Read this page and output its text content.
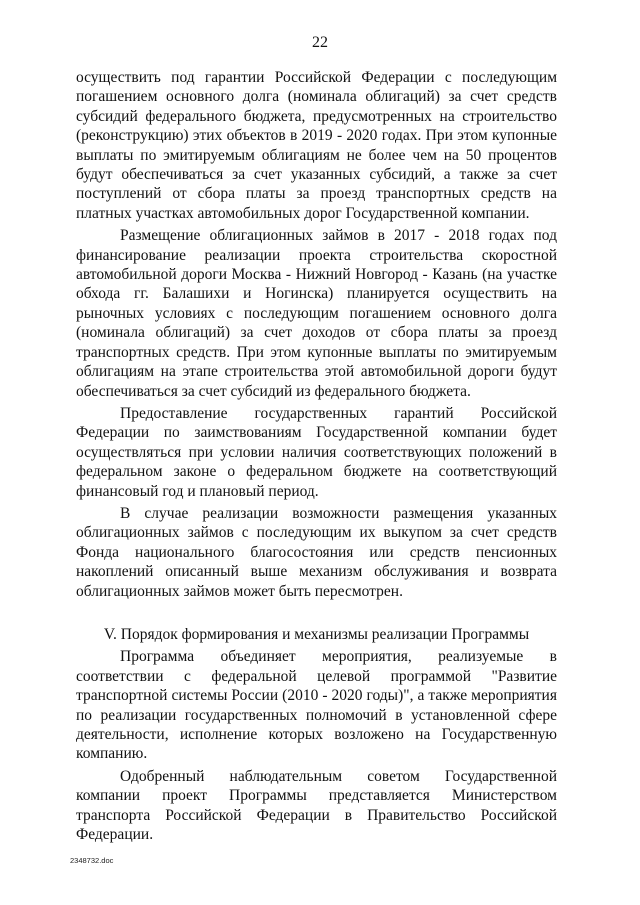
22

осуществить под гарантии Российской Федерации с последующим погашением основного долга (номинала облигаций) за счет средств субсидий федерального бюджета, предусмотренных на строительство (реконструкцию) этих объектов в 2019 - 2020 годах. При этом купонные выплаты по эмитируемым облигациям не более чем на 50 процентов будут обеспечиваться за счет указанных субсидий, а также за счет поступлений от сбора платы за проезд транспортных средств на платных участках автомобильных дорог Государственной компании.

Размещение облигационных займов в 2017 - 2018 годах под финансирование реализации проекта строительства скоростной автомобильной дороги Москва - Нижний Новгород - Казань (на участке обхода гг. Балашихи и Ногинска) планируется осуществить на рыночных условиях с последующим погашением основного долга (номинала облигаций) за счет доходов от сбора платы за проезд транспортных средств. При этом купонные выплаты по эмитируемым облигациям на этапе строительства этой автомобильной дороги будут обеспечиваться за счет субсидий из федерального бюджета.

Предоставление государственных гарантий Российской Федерации по заимствованиям Государственной компании будет осуществляться при условии наличия соответствующих положений в федеральном законе о федеральном бюджете на соответствующий финансовый год и плановый период.

В случае реализации возможности размещения указанных облигационных займов с последующим их выкупом за счет средств Фонда национального благосостояния или средств пенсионных накоплений описанный выше механизм обслуживания и возврата облигационных займов может быть пересмотрен.

V. Порядок формирования и механизмы реализации Программы

Программа объединяет мероприятия, реализуемые в соответствии с федеральной целевой программой "Развитие транспортной системы России (2010 - 2020 годы)", а также мероприятия по реализации государственных полномочий в установленной сфере деятельности, исполнение которых возложено на Государственную компанию.

Одобренный наблюдательным советом Государственной компании проект Программы представляется Министерством транспорта Российской Федерации в Правительство Российской Федерации.

2348732.doc
